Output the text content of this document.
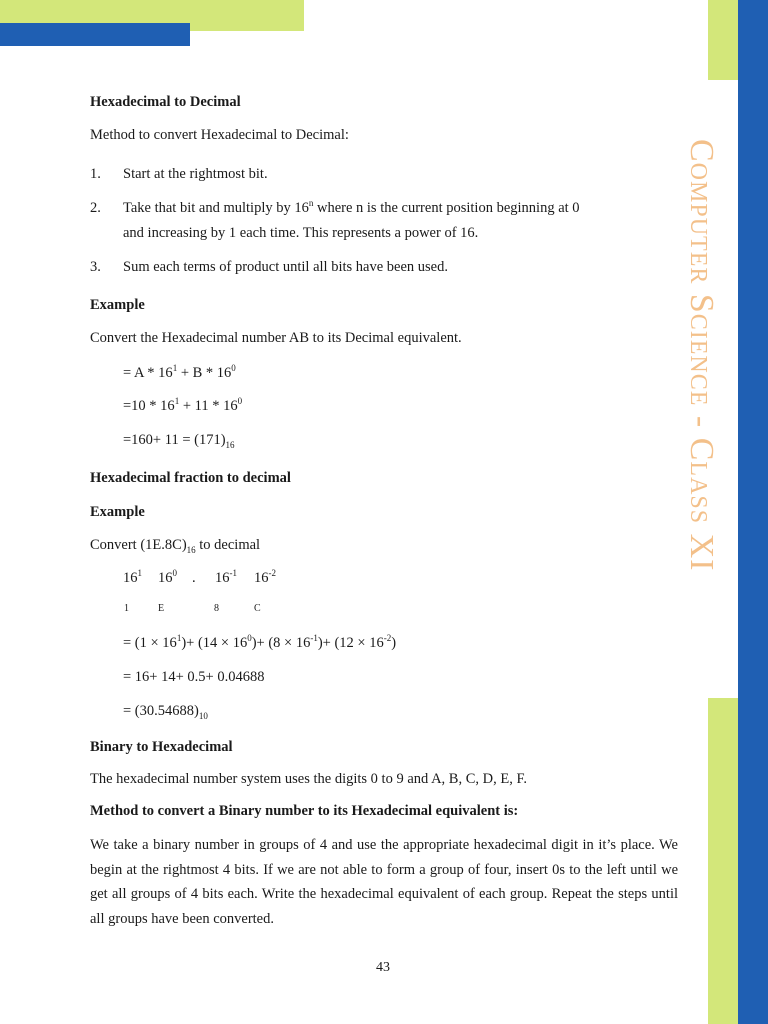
Computer Science - Class XI
Hexadecimal to Decimal
Method to convert Hexadecimal to Decimal:
1. Start at the rightmost bit.
2. Take that bit and multiply by 16$^n$ where n is the current position beginning at 0
and increasing by 1 each time. This represents a power of 16.
3. Sum each terms of product until all bits have been used.
Example
Convert the Hexadecimal number AB to its Decimal equivalent.
= $A * 16^1 + B * 16^0$
$=10 * 16^1 + 11 * 16^0$
$=160+ 11 = (171)_{16}$
Hexadecimal fraction to decimal
Example
Convert $(1E.8C)_{16}$ to decimal
$16^1$ $16^0$ . $16^{-1}$ $16^{-2}$
1	E	8	C
= $(1 \times 16^1)+ (14 \times 16^0)+ (8 \times 16^{-1})+ (12 \times 16^{-2})$
= 16+ 14+ 0.5+ 0.04688
= $(30.54688)_{10}$
Binary to Hexadecimal
The hexadecimal number system uses the digits 0 to 9 and A, B, C, D, E, F.
Method to convert a Binary number to its Hexadecimal equivalent is:
We take a binary number in groups of 4 and use the appropriate hexadecimal digit in it’s place. We begin at the rightmost 4 bits. If we are not able to form a group of four, insert 0s to the left until we get all groups of 4 bits each. Write the hexadecimal equivalent of each group. Repeat the steps until all groups have been converted.
43
